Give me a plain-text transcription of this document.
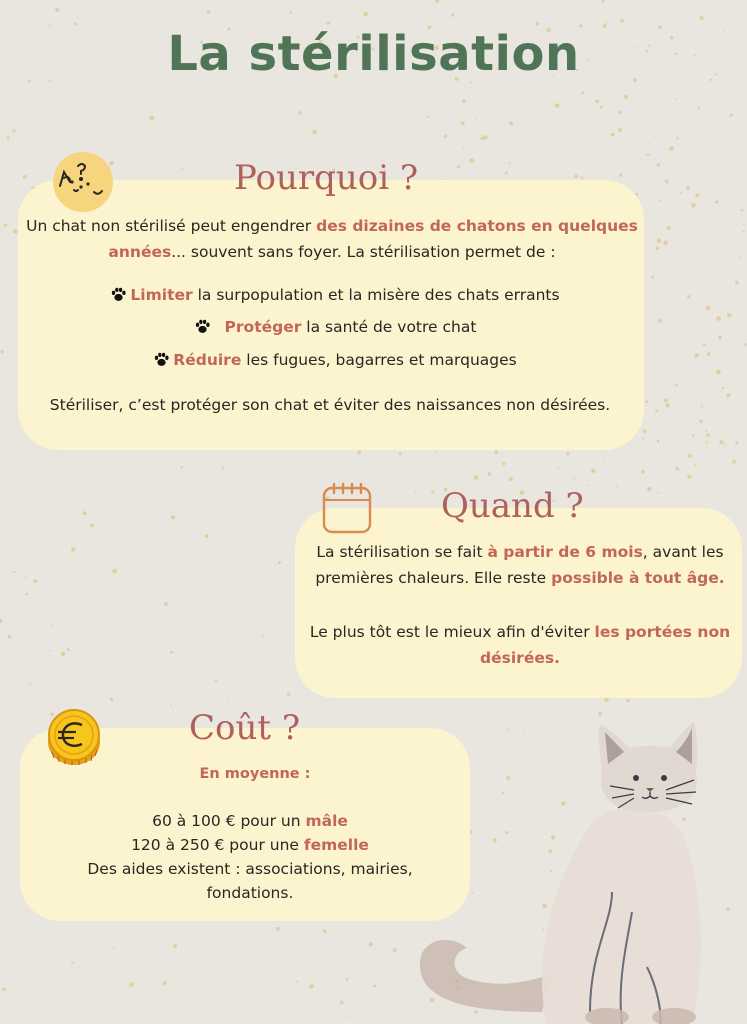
La stérilisation
Pourquoi ?

Un chat non stérilisé peut engendrer des dizaines de chatons en quelques années... souvent sans foyer. La stérilisation permet de :

Limiter la surpopulation et la misère des chats errants

Protéger la santé de votre chat

Réduire les fugues, bagarres et marquages

Stériliser, c’est protéger son chat et éviter des naissances non désirées.

Quand ?

La stérilisation se fait à partir de 6 mois, avant les premières chaleurs. Elle reste possible à tout âge.

Le plus tôt est le mieux afin d'éviter les portées non désirées.

Coût ?

En moyenne :

60 à 100 € pour un mâle

120 à 250 € pour une femelle

Des aides existent : associations, mairies, fondations.
